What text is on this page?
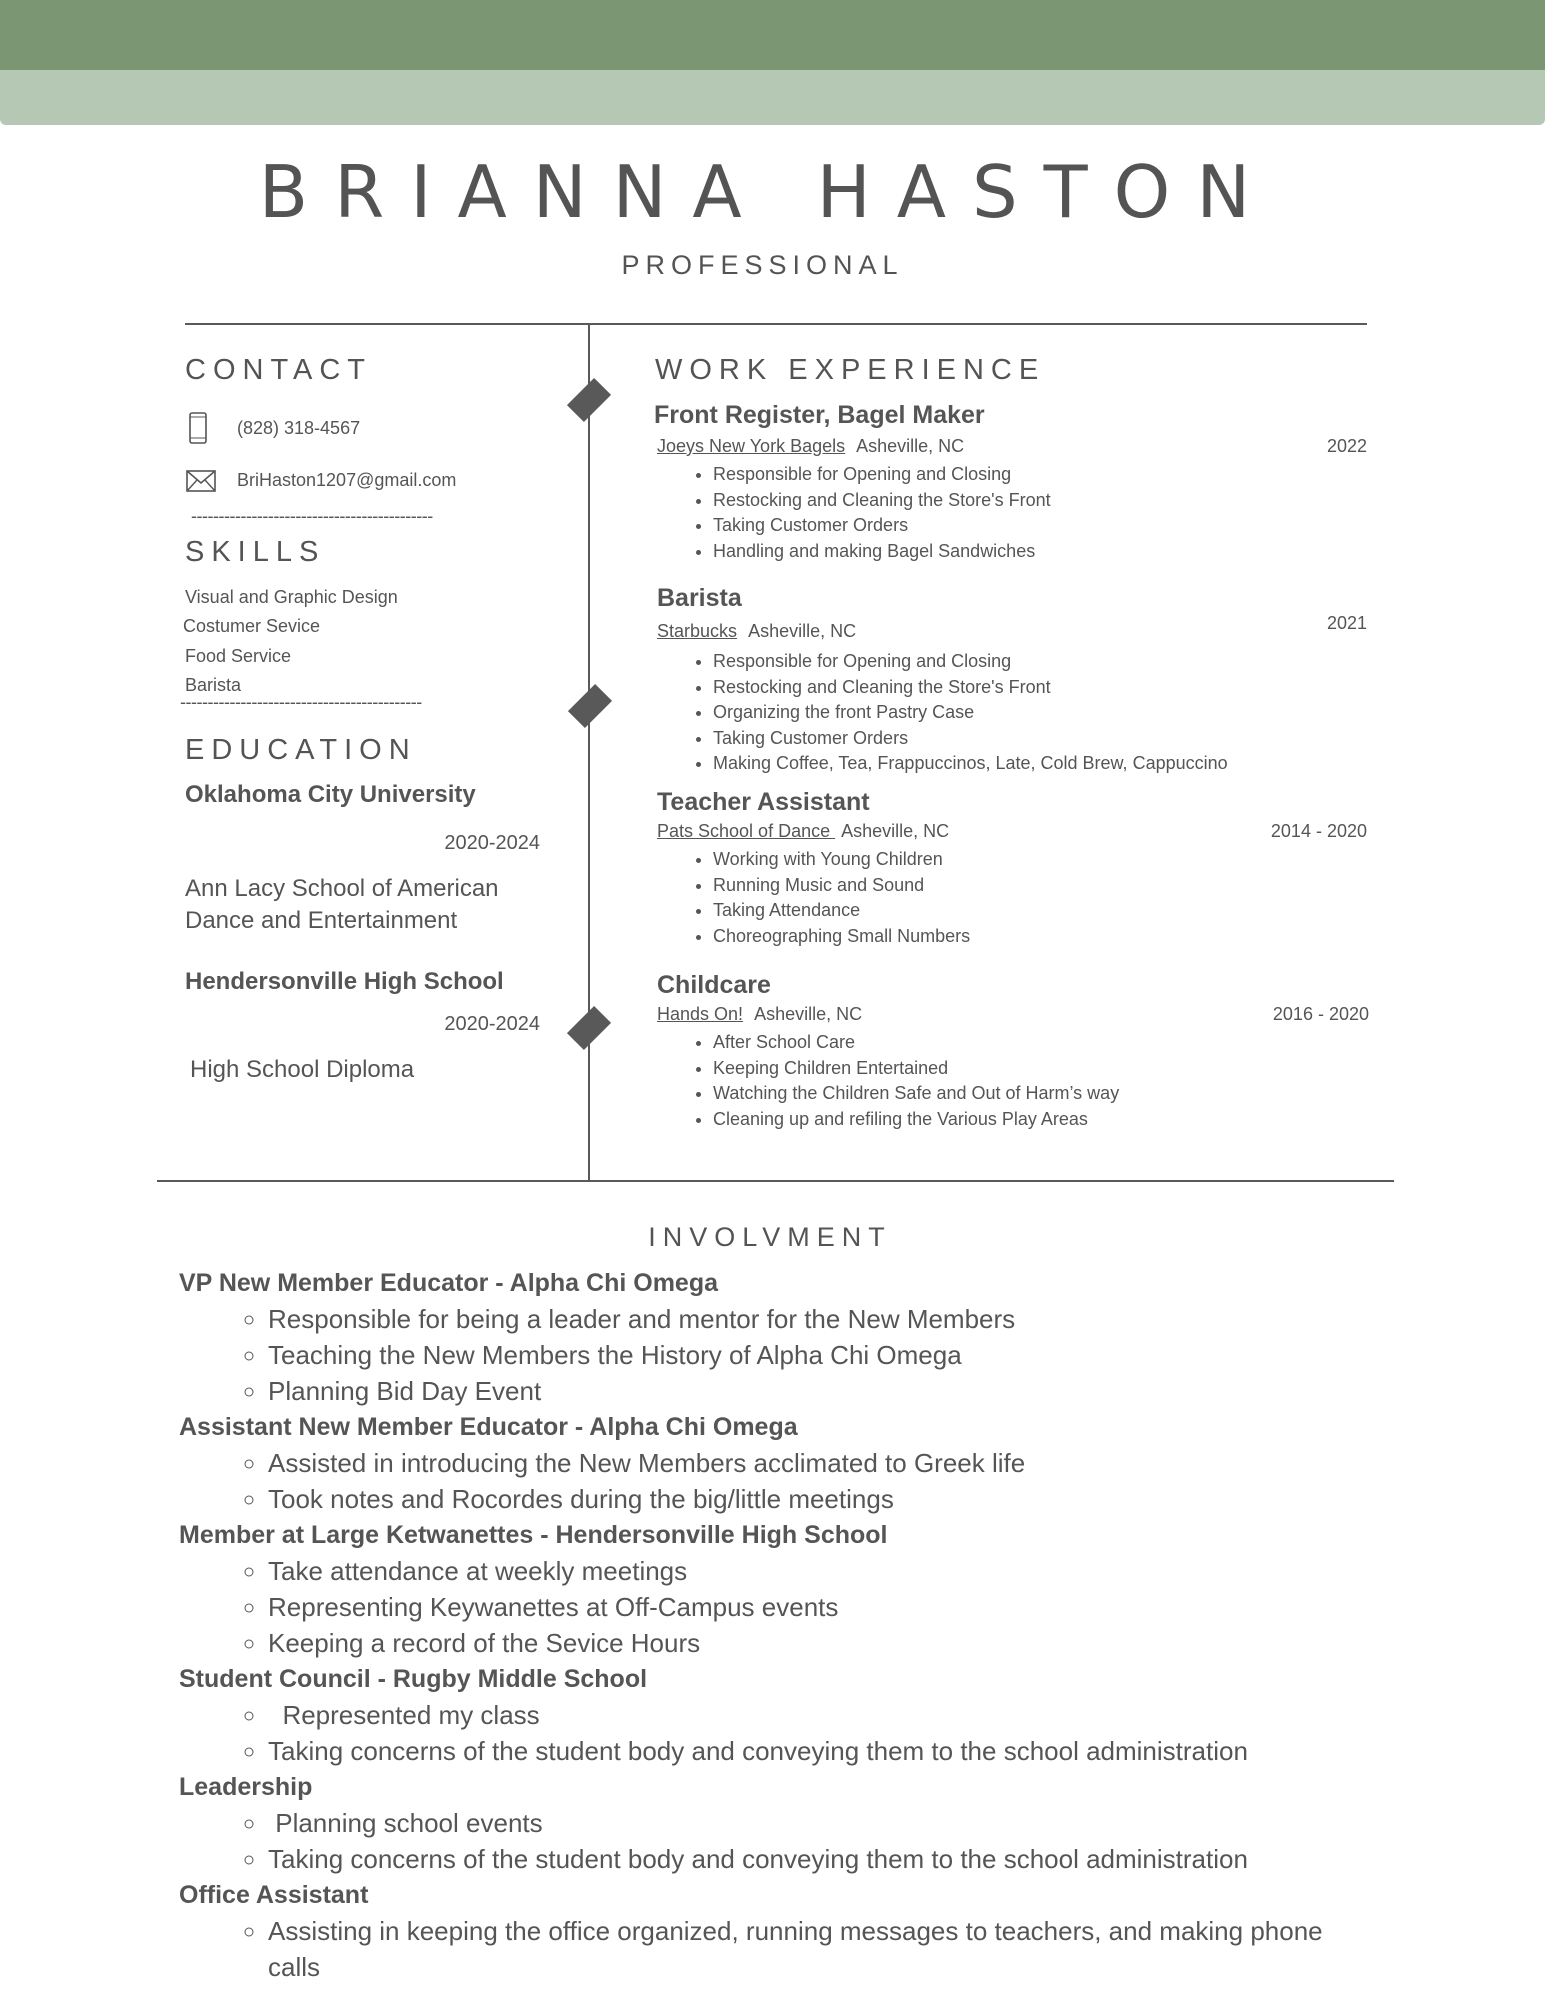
BRIANNA HASTON
PROFESSIONAL
CONTACT
(828) 318-4567
BriHaston1207@gmail.com
--------------------------------------------
SKILLS
Visual and Graphic Design
Costumer Sevice
Food Service
Barista
--------------------------------------------
EDUCATION
Oklahoma City University
2020-2024
Ann Lacy School of American
Dance and Entertainment
Hendersonville High School
2020-2024
High School Diploma
WORK EXPERIENCE
Front Register, Bagel Maker
Joeys New York Bagels Asheville, NC	2022
• Responsible for Opening and Closing
• Restocking and Cleaning the Store's Front
• Taking Customer Orders
• Handling and making Bagel Sandwiches
Barista
Starbucks Asheville, NC	2021
• Responsible for Opening and Closing
• Restocking and Cleaning the Store's Front
• Organizing the front Pastry Case
• Taking Customer Orders
• Making Coffee, Tea, Frappuccinos, Late, Cold Brew, Cappuccino
Teacher Assistant
Pats School of Dance Asheville, NC	2014 - 2020
• Working with Young Children
• Running Music and Sound
• Taking Attendance
• Choreographing Small Numbers
Childcare
Hands On! Asheville, NC	2016 - 2020
• After School Care
• Keeping Children Entertained
• Watching the Children Safe and Out of Harm’s way
• Cleaning up and refiling the Various Play Areas
INVOLVMENT
VP New Member Educator - Alpha Chi Omega
◦ Responsible for being a leader and mentor for the New Members
◦ Teaching the New Members the History of Alpha Chi Omega
◦ Planning Bid Day Event
Assistant New Member Educator - Alpha Chi Omega
◦ Assisted in introducing the New Members acclimated to Greek life
◦ Took notes and Rocordes during the big/little meetings
Member at Large Ketwanettes - Hendersonville High School
◦ Take attendance at weekly meetings
◦ Representing Keywanettes at Off-Campus events
◦ Keeping a record of the Sevice Hours
Student Council - Rugby Middle School
◦   Represented my class
◦ Taking concerns of the student body and conveying them to the school administration
Leadership
◦  Planning school events
◦ Taking concerns of the student body and conveying them to the school administration
Office Assistant
◦ Assisting in keeping the office organized, running messages to teachers, and making phone calls
